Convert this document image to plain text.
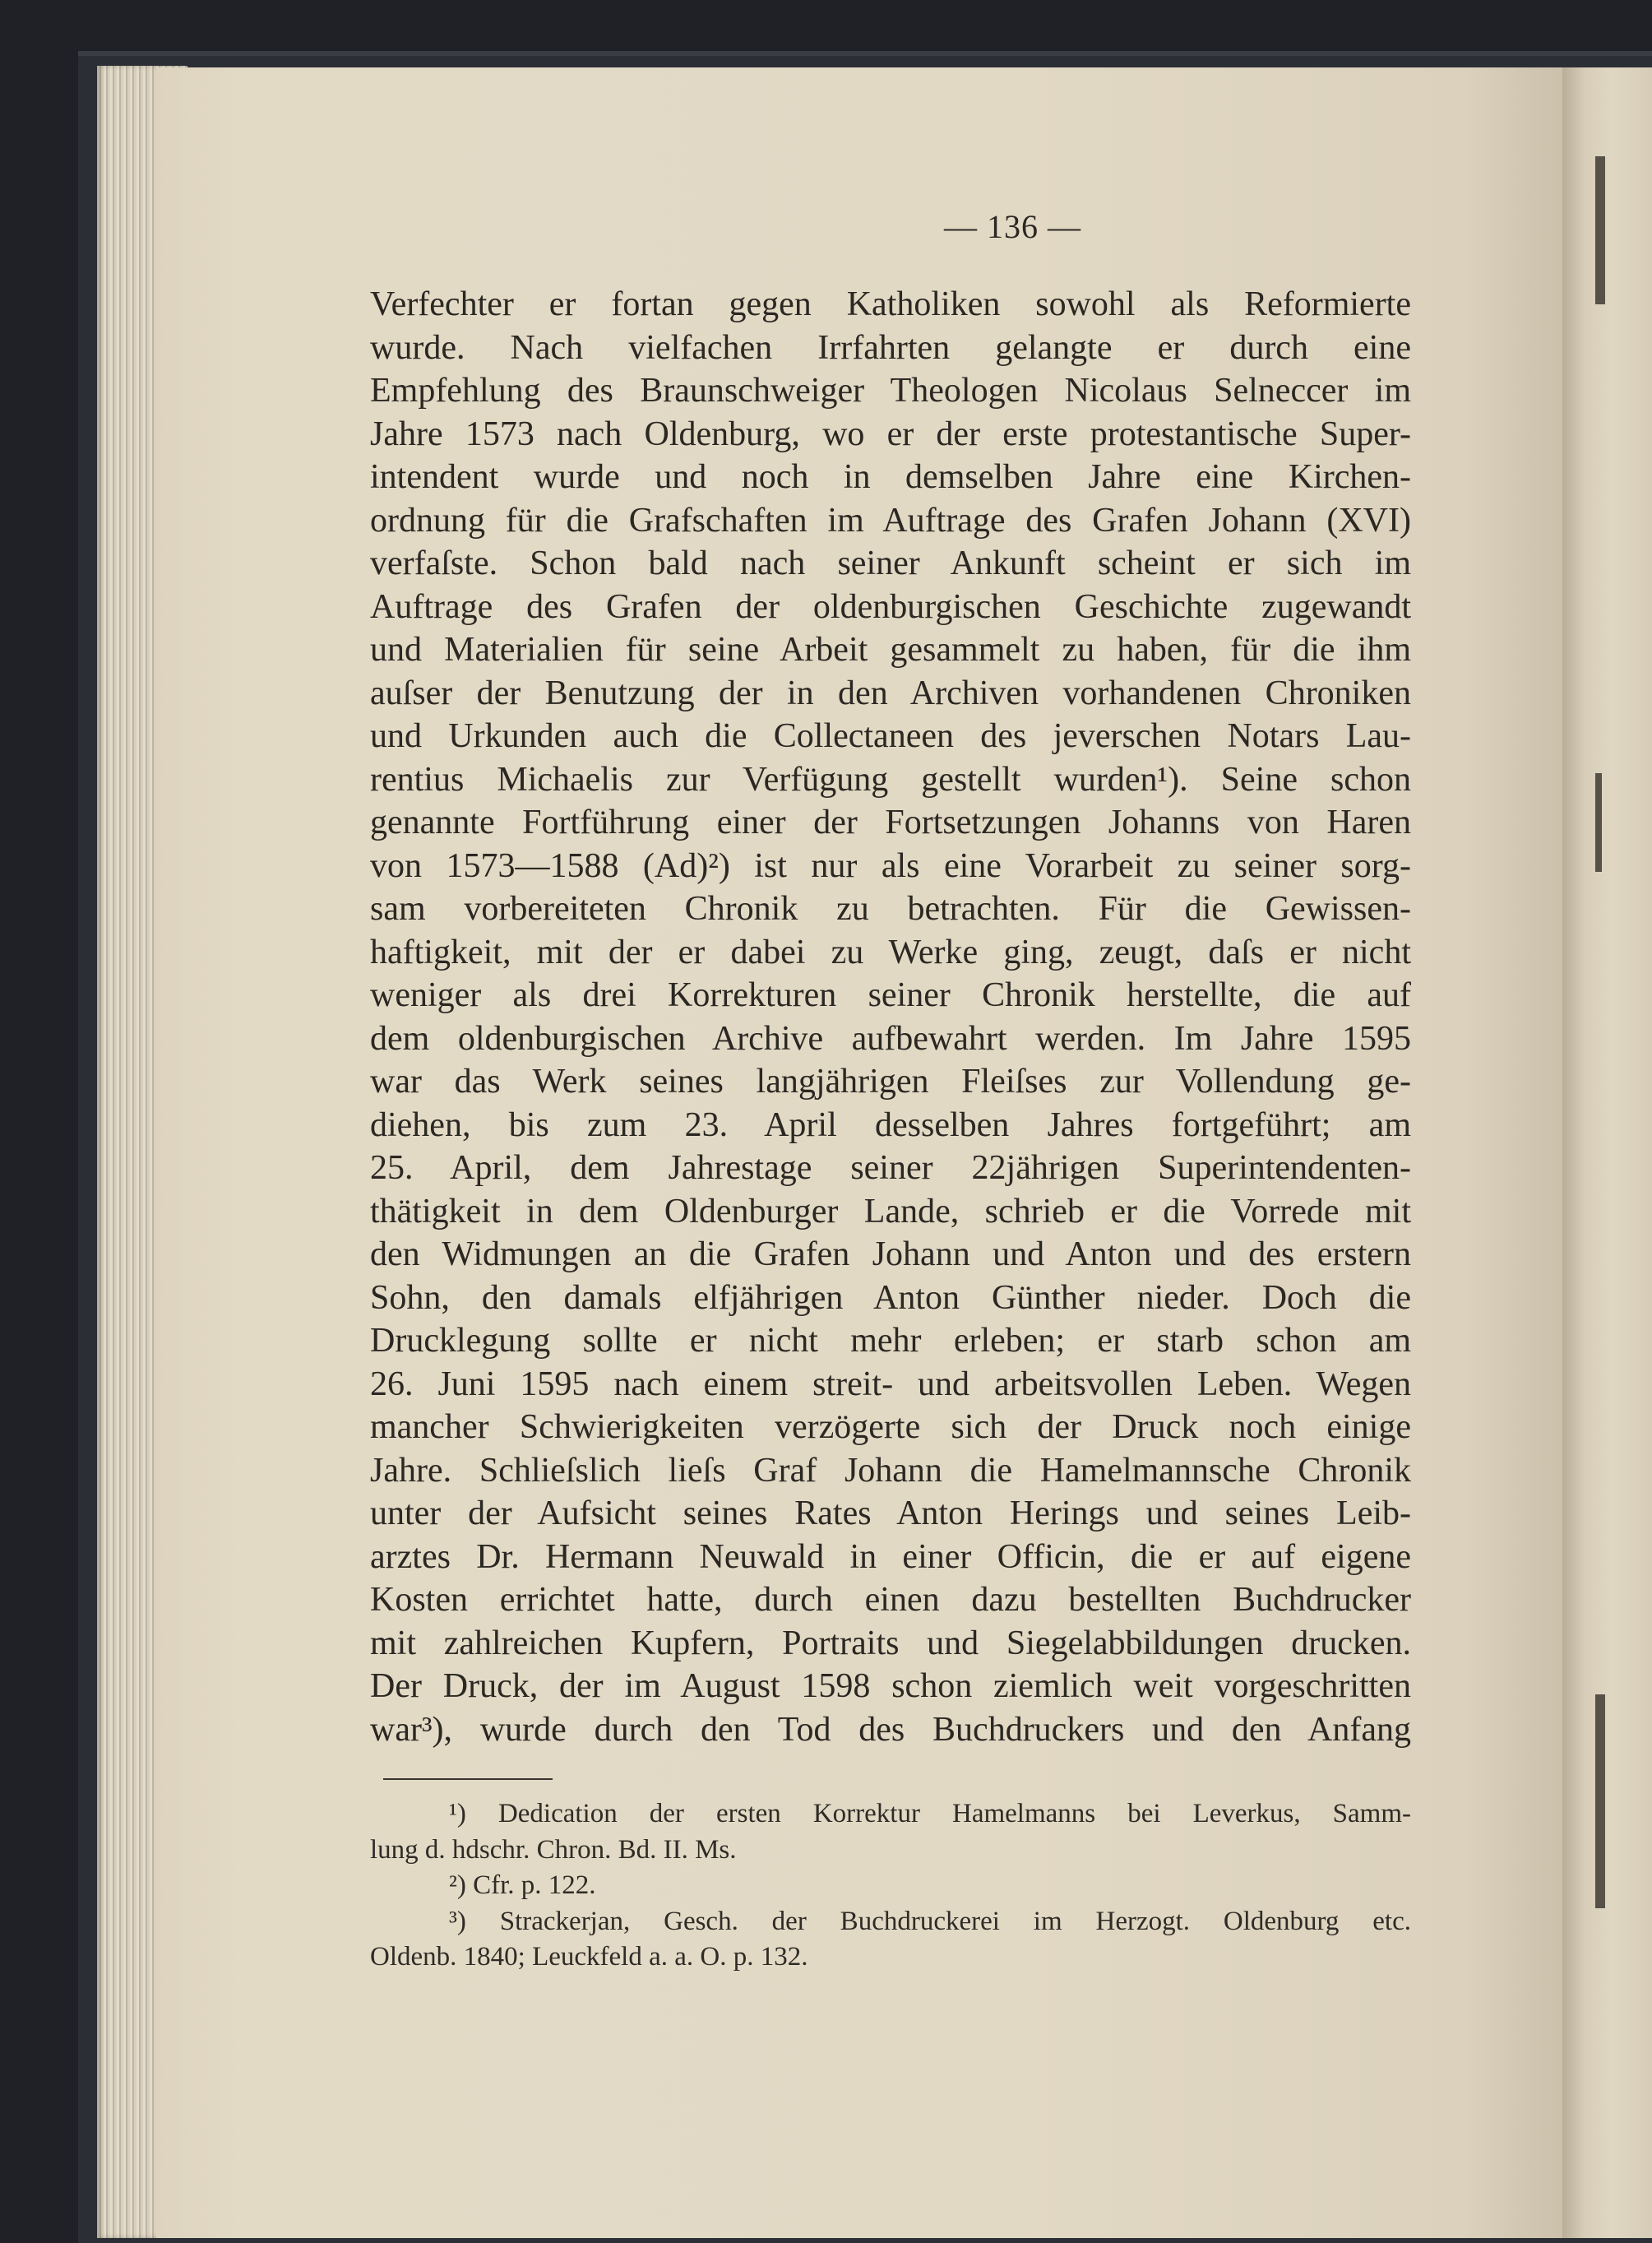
— 136 —
Verfechter er fortan gegen Katholiken sowohl als Reformierte
wurde. Nach vielfachen Irrfahrten gelangte er durch eine
Empfehlung des Braunschweiger Theologen Nicolaus Selneccer im
Jahre 1573 nach Oldenburg, wo er der erste protestantische Super-
intendent wurde und noch in demselben Jahre eine Kirchen-
ordnung für die Grafschaften im Auftrage des Grafen Johann (XVI)
verfaſste. Schon bald nach seiner Ankunft scheint er sich im
Auftrage des Grafen der oldenburgischen Geschichte zugewandt
und Materialien für seine Arbeit gesammelt zu haben, für die ihm
auſser der Benutzung der in den Archiven vorhandenen Chroniken
und Urkunden auch die Collectaneen des jeverschen Notars Lau-
rentius Michaelis zur Verfügung gestellt wurden¹). Seine schon
genannte Fortführung einer der Fortsetzungen Johanns von Haren
von 1573—1588 (Ad)²) ist nur als eine Vorarbeit zu seiner sorg-
sam vorbereiteten Chronik zu betrachten. Für die Gewissen-
haftigkeit, mit der er dabei zu Werke ging, zeugt, daſs er nicht
weniger als drei Korrekturen seiner Chronik herstellte, die auf
dem oldenburgischen Archive aufbewahrt werden. Im Jahre 1595
war das Werk seines langjährigen Fleiſses zur Vollendung ge-
diehen, bis zum 23. April desselben Jahres fortgeführt; am
25. April, dem Jahrestage seiner 22jährigen Superintendenten-
thätigkeit in dem Oldenburger Lande, schrieb er die Vorrede mit
den Widmungen an die Grafen Johann und Anton und des erstern
Sohn, den damals elfjährigen Anton Günther nieder. Doch die
Drucklegung sollte er nicht mehr erleben; er starb schon am
26. Juni 1595 nach einem streit- und arbeitsvollen Leben. Wegen
mancher Schwierigkeiten verzögerte sich der Druck noch einige
Jahre. Schlieſslich lieſs Graf Johann die Hamelmannsche Chronik
unter der Aufsicht seines Rates Anton Herings und seines Leib-
arztes Dr. Hermann Neuwald in einer Officin, die er auf eigene
Kosten errichtet hatte, durch einen dazu bestellten Buchdrucker
mit zahlreichen Kupfern, Portraits und Siegelabbildungen drucken.
Der Druck, der im August 1598 schon ziemlich weit vorgeschritten
war³), wurde durch den Tod des Buchdruckers und den Anfang
¹) Dedication der ersten Korrektur Hamelmanns bei Leverkus, Samm-
lung d. hdschr. Chron. Bd. II. Ms.
²) Cfr. p. 122.
³) Strackerjan, Gesch. der Buchdruckerei im Herzogt. Oldenburg etc.
Oldenb. 1840; Leuckfeld a. a. O. p. 132.
